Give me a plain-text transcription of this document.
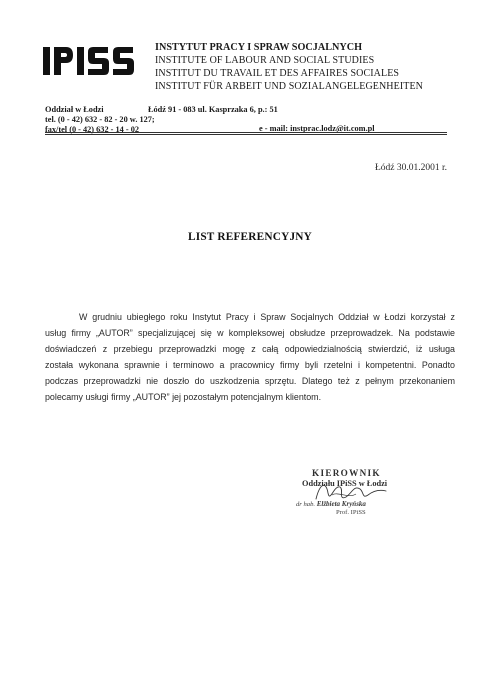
INSTYTUT PRACY I SPRAW SOCJALNYCH
INSTITUTE OF LABOUR AND SOCIAL STUDIES
INSTITUT DU TRAVAIL ET DES AFFAIRES SOCIALES
INSTITUT FÜR ARBEIT UND SOZIALANGELEGENHEITEN
Oddział w Łodzi
tel. (0 - 42) 632 - 82 - 20 w. 127;
fax/tel (0 - 42) 632 - 14 - 02
Łódź 91 - 083 ul. Kasprzaka 6, p.: 51
e - mail: instprac.lodz@it.com.pl
Łódź 30.01.2001 r.
LIST REFERENCYJNY
W grudniu ubiegłego roku Instytut Pracy i Spraw Socjalnych Oddział w Łodzi korzystał z
usług firmy „AUTOR” specjalizującej się w kompleksowej obsłudze przeprowadzek. Na podstawie
doświadczeń z przebiegu przeprowadzki mogę z całą odpowiedzialnością stwierdzić, iż usługa
została wykonana sprawnie i terminowo a pracownicy firmy byli rzetelni i kompetentni. Ponadto
podczas przeprowadzki nie doszło do uszkodzenia sprzętu. Dlatego też z pełnym przekonaniem
polecamy usługi firmy „AUTOR” jej pozostałym potencjalnym klientom.
KIEROWNIK
Oddziału IPiSS w Łodzi
dr hab. Elżbieta Kryńska
Prof. IPiSS
